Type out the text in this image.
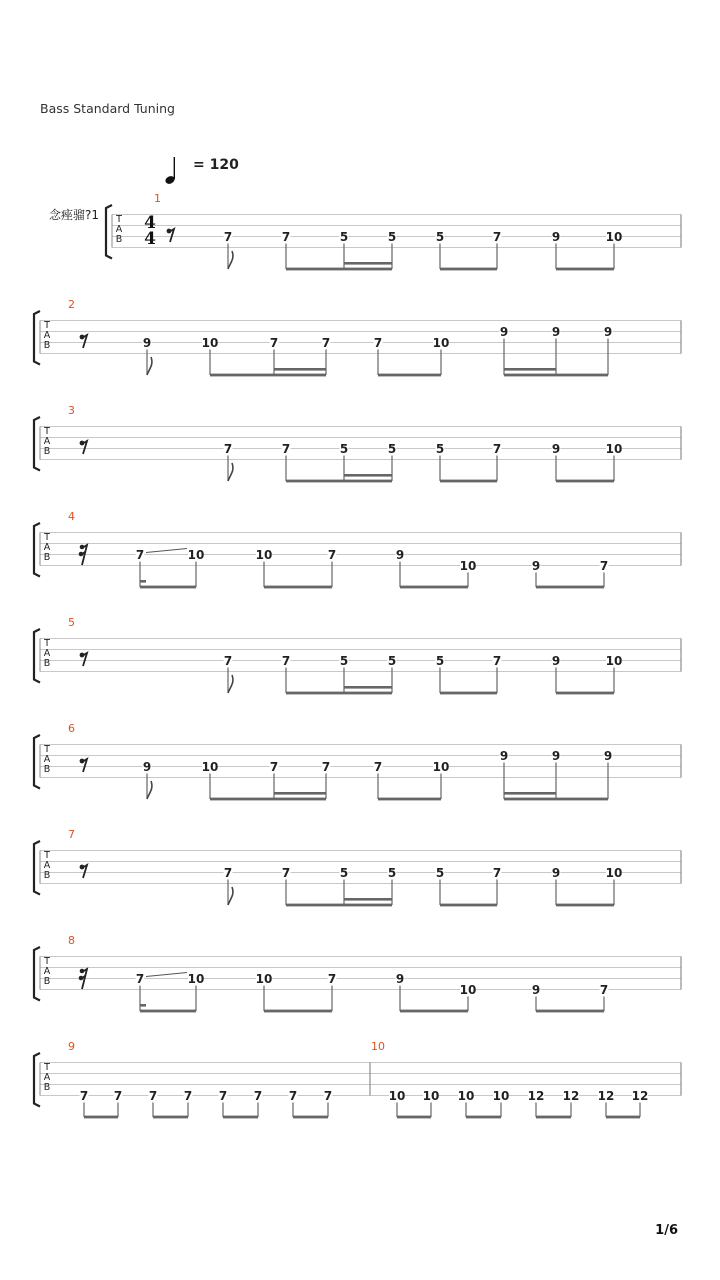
Bass Standard Tuning
= 120
念痤骝?1
1/6
T
A
B
4
4
1
7	7	5	5	5	7	9	10
T
A
B
2
9	10	7	7	7	10
9	9	9
T
A
B
3
7	7	5	5	5	7	9	10
T
A
B
4
7	10	10	7	9
10	9	7
T
A
B
5
7	7	5	5	5	7	9	10
T
A
B
6
9	10	7	7	7	10
9	9	9
T
A
B
7
7	7	5	5	5	7	9	10
T
A
B
8
7	10	10	7	9
10	9	7
T
A
B
9
7 7 7 7 7 7 7 7
10
10 10 10 10 12 12 12 12
